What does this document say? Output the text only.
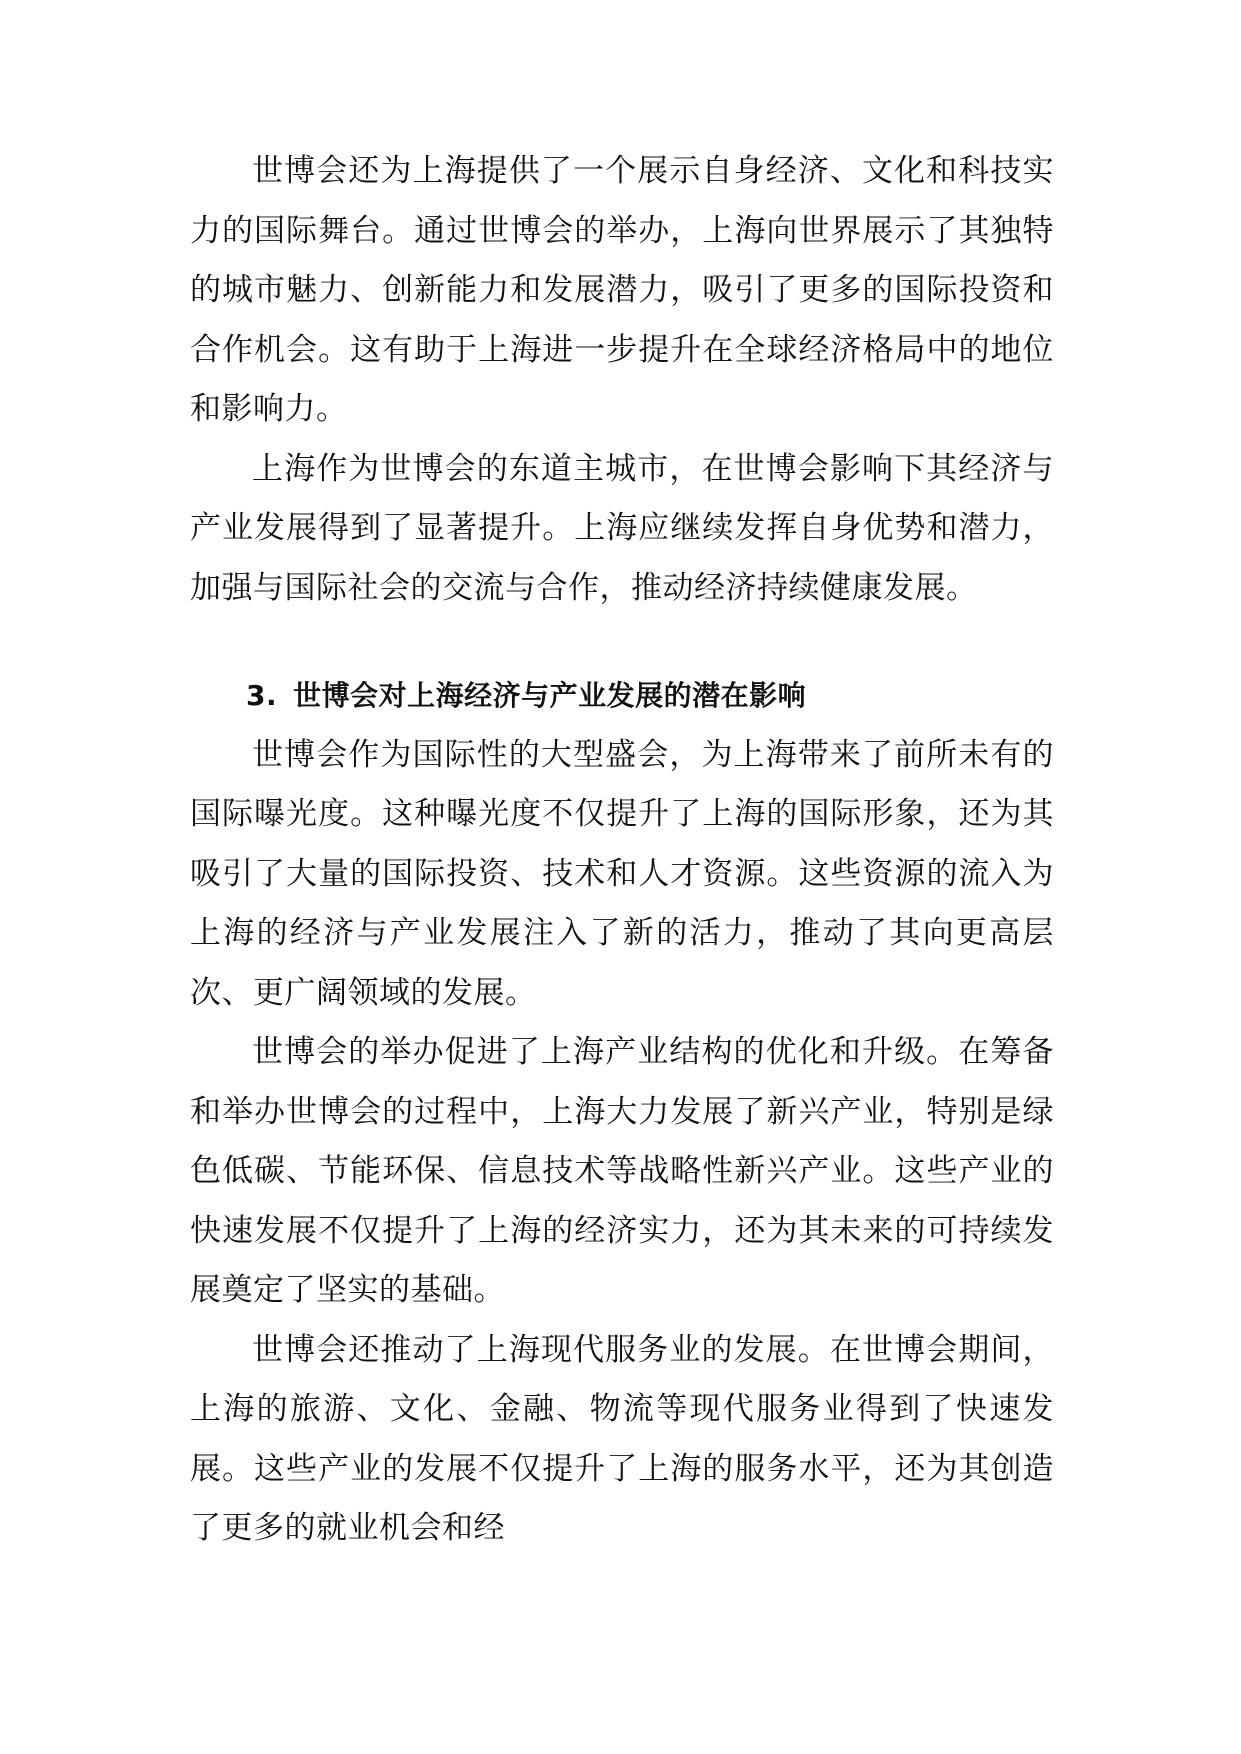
世博会还为上海提供了一个展示自身经济、文化和科技实力的国际舞台。通过世博会的举办，上海向世界展示了其独特的城市魅力、创新能力和发展潜力，吸引了更多的国际投资和合作机会。这有助于上海进一步提升在全球经济格局中的地位和影响力。

上海作为世博会的东道主城市，在世博会影响下其经济与产业发展得到了显著提升。上海应继续发挥自身优势和潜力，加强与国际社会的交流与合作，推动经济持续健康发展。

3. 世博会对上海经济与产业发展的潜在影响

世博会作为国际性的大型盛会，为上海带来了前所未有的国际曝光度。这种曝光度不仅提升了上海的国际形象，还为其吸引了大量的国际投资、技术和人才资源。这些资源的流入为上海的经济与产业发展注入了新的活力，推动了其向更高层次、更广阔领域的发展。

世博会的举办促进了上海产业结构的优化和升级。在筹备和举办世博会的过程中，上海大力发展了新兴产业，特别是绿色低碳、节能环保、信息技术等战略性新兴产业。这些产业的快速发展不仅提升了上海的经济实力，还为其未来的可持续发展奠定了坚实的基础。

世博会还推动了上海现代服务业的发展。在世博会期间，上海的旅游、文化、金融、物流等现代服务业得到了快速发展。这些产业的发展不仅提升了上海的服务水平，还为其创造了更多的就业机会和经
